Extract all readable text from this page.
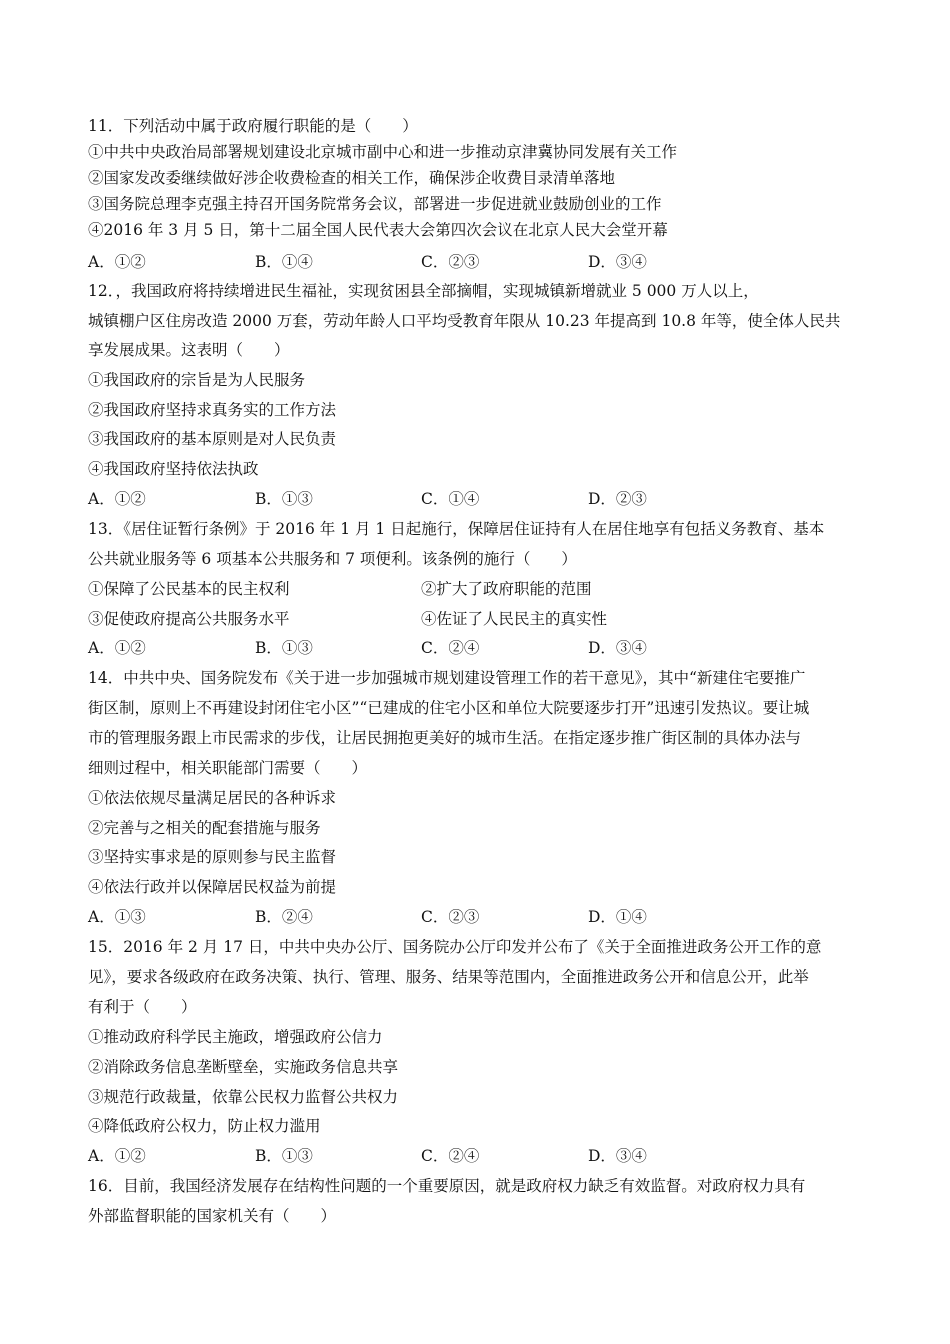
11．下列活动中属于政府履行职能的是（　　）
①中共中央政治局部署规划建设北京城市副中心和进一步推动京津冀协同发展有关工作
②国家发改委继续做好涉企收费检查的相关工作，确保涉企收费目录清单落地
③国务院总理李克强主持召开国务院常务会议，部署进一步促进就业鼓励创业的工作
④2016 年 3 月 5 日，第十二届全国人民代表大会第四次会议在北京人民大会堂开幕
A．①②	B．①④	C．②③	D．③④
12．，我国政府将持续增进民生福祉，实现贫困县全部摘帽，实现城镇新增就业 5 000 万人以上，
城镇棚户区住房改造 2000 万套，劳动年龄人口平均受教育年限从 10.23 年提高到 10.8 年等，使全体人民共
享发展成果。这表明（　　）
①我国政府的宗旨是为人民服务
②我国政府坚持求真务实的工作方法
③我国政府的基本原则是对人民负责
④我国政府坚持依法执政
A．①②	B．①③	C．①④	D．②③
13．《居住证暂行条例》于 2016 年 1 月 1 日起施行，保障居住证持有人在居住地享有包括义务教育、基本
公共就业服务等 6 项基本公共服务和 7 项便利。该条例的施行（　　）
①保障了公民基本的民主权利	②扩大了政府职能的范围
③促使政府提高公共服务水平	④佐证了人民民主的真实性
A．①②	B．①③	C．②④	D．③④
14．中共中央、国务院发布《关于进一步加强城市规划建设管理工作的若干意见》，其中“新建住宅要推广
街区制，原则上不再建设封闭住宅小区”“已建成的住宅小区和单位大院要逐步打开”迅速引发热议。要让城
市的管理服务跟上市民需求的步伐，让居民拥抱更美好的城市生活。在指定逐步推广街区制的具体办法与
细则过程中，相关职能部门需要（　　）
①依法依规尽量满足居民的各种诉求
②完善与之相关的配套措施与服务
③坚持实事求是的原则参与民主监督
④依法行政并以保障居民权益为前提
A．①③	B．②④	C．②③	D．①④
15．2016 年 2 月 17 日，中共中央办公厅、国务院办公厅印发并公布了《关于全面推进政务公开工作的意
见》，要求各级政府在政务决策、执行、管理、服务、结果等范围内，全面推进政务公开和信息公开，此举
有利于（　　）
①推动政府科学民主施政，增强政府公信力
②消除政务信息垄断壁垒，实施政务信息共享
③规范行政裁量，依靠公民权力监督公共权力
④降低政府公权力，防止权力滥用
A．①②	B．①③	C．②④	D．③④
16．目前，我国经济发展存在结构性问题的一个重要原因，就是政府权力缺乏有效监督。对政府权力具有
外部监督职能的国家机关有（　　）
